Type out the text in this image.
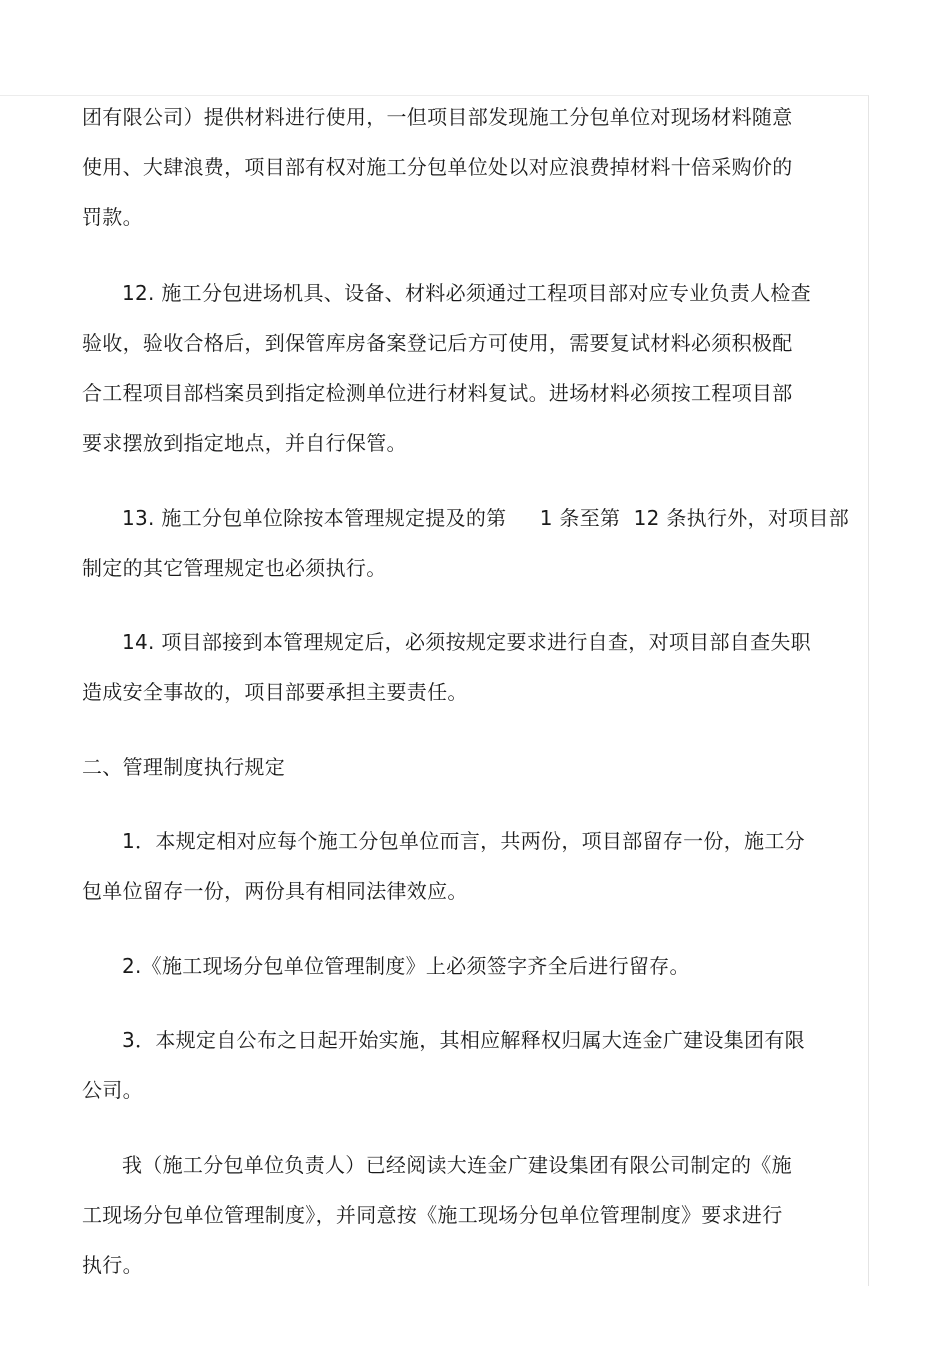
团有限公司）提供材料进行使用，一但项目部发现施工分包单位对现场材料随意
使用、大肆浪费，项目部有权对施工分包单位处以对应浪费掉材料十倍采购价的
罚款。
12. 施工分包进场机具、设备、材料必须通过工程项目部对应专业负责人检查
验收，验收合格后，到保管库房备案登记后方可使用，需要复试材料必须积极配
合工程项目部档案员到指定检测单位进行材料复试。进场材料必须按工程项目部
要求摆放到指定地点，并自行保管。
13. 施工分包单位除按本管理规定提及的第     1 条至第  12 条执行外，对项目部
制定的其它管理规定也必须执行。
14. 项目部接到本管理规定后，必须按规定要求进行自查，对项目部自查失职
造成安全事故的，项目部要承担主要责任。
二、管理制度执行规定
1．本规定相对应每个施工分包单位而言，共两份，项目部留存一份，施工分
包单位留存一份，两份具有相同法律效应。
2.《施工现场分包单位管理制度》上必须签字齐全后进行留存。
3．本规定自公布之日起开始实施，其相应解释权归属大连金广建设集团有限
公司。
我（施工分包单位负责人）已经阅读大连金广建设集团有限公司制定的《施
工现场分包单位管理制度》，并同意按《施工现场分包单位管理制度》要求进行
执行。
